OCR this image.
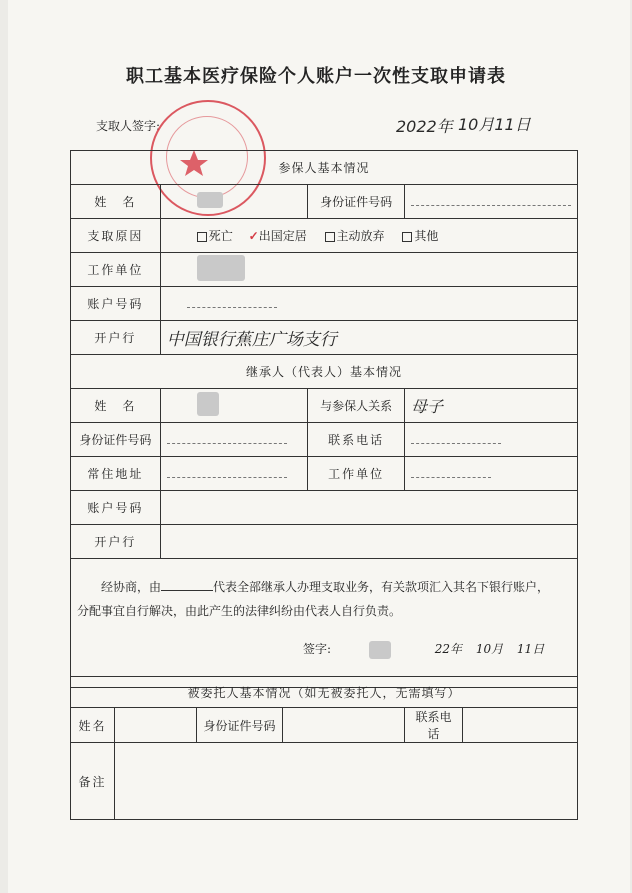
职工基本医疗保险个人账户一次性支取申请表
支取人签字:	2022年 10月11日
参保人基本情况			
姓　名		身份证件号码	
支取原因	死亡 ✓出国定居 主动放弃 其他		
工作单位			
账户号码			
开户行	中国银行蕉庄广场支行		
继承人（代表人）基本情况			
姓　名		与参保人关系	母子
身份证件号码		联系电话	
常住地址		工作单位	
账户号码			
开户行			

经协商，由 代表全部继承人办理支取业务，有关款项汇入其名下银行账户，
分配事宜自行解决，由此产生的法律纠纷由代表人自行负责。
签字: 22年 10月 11日			
被委托人基本情况（如无被委托人，无需填写）					
姓名		身份证件号码		联系电话	
备注					
